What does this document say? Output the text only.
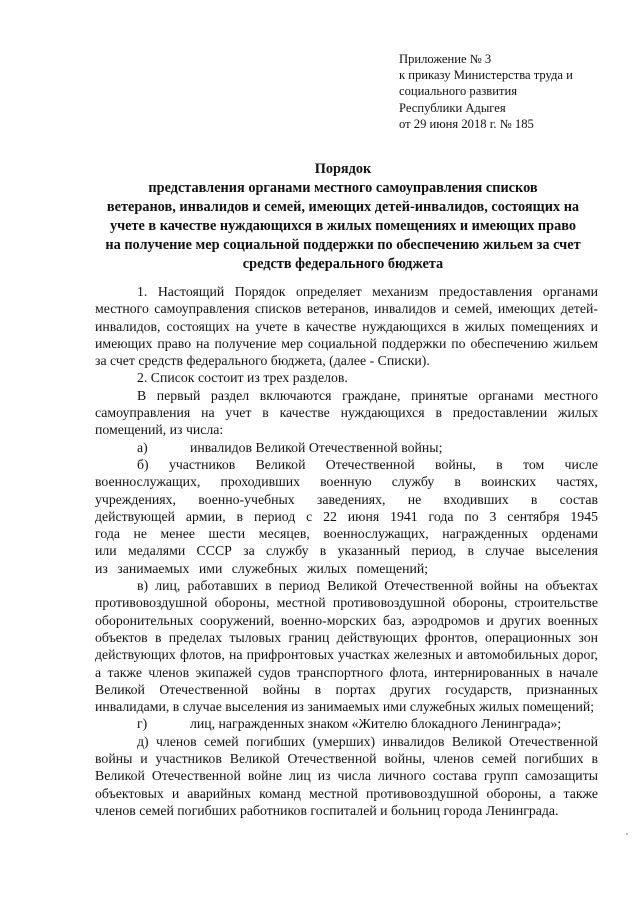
Приложение № 3
к приказу Министерства труда и
социального развития
Республики Адыгея
от 29 июня 2018 г. № 185
Порядок
представления органами местного самоуправления списков
ветеранов, инвалидов и семей, имеющих детей-инвалидов, состоящих на
учете в качестве нуждающихся в жилых помещениях и имеющих право
на получение мер социальной поддержки по обеспечению жильем за счет
средств федерального бюджета
1. Настоящий Порядок определяет механизм предоставления органами местного самоуправления списков ветеранов, инвалидов и семей, имеющих детей-инвалидов, состоящих на учете в качестве нуждающихся в жилых помещениях и имеющих право на получение мер социальной поддержки по обеспечению жильем за счет средств федерального бюджета, (далее - Списки).
2. Список состоит из трех разделов.
В первый раздел включаются граждане, принятые органами местного самоуправления на учет в качестве нуждающихся в предоставлении жилых помещений, из числа:
а)	инвалидов Великой Отечественной войны;
б) участников Великой Отечественной войны, в том числе военнослужащих, проходивших военную службу в воинских частях, учреждениях, военно-учебных заведениях, не входивших в состав действующей армии, в период с 22 июня 1941 года по 3 сентября 1945 года не менее шести месяцев, военнослужащих, награжденных орденами или медалями СССР за службу в указанный период, в случае выселения из занимаемых ими служебных жилых помещений;
в) лиц, работавших в период Великой Отечественной войны на объектах противовоздушной обороны, местной противовоздушной обороны, строительстве оборонительных сооружений, военно-морских баз, аэродромов и других военных объектов в пределах тыловых границ действующих фронтов, операционных зон действующих флотов, на прифронтовых участках железных и автомобильных дорог, а также членов экипажей судов транспортного флота, интернированных в начале Великой Отечественной войны в портах других государств, признанных инвалидами, в случае выселения из занимаемых ими служебных жилых помещений;
г)	лиц, награжденных знаком «Жителю блокадного Ленинграда»;
д) членов семей погибших (умерших) инвалидов Великой Отечественной войны и участников Великой Отечественной войны, членов семей погибших в Великой Отечественной войне лиц из числа личного состава групп самозащиты объектовых и аварийных команд местной противовоздушной обороны, а также членов семей погибших работников госпиталей и больниц города Ленинграда.
